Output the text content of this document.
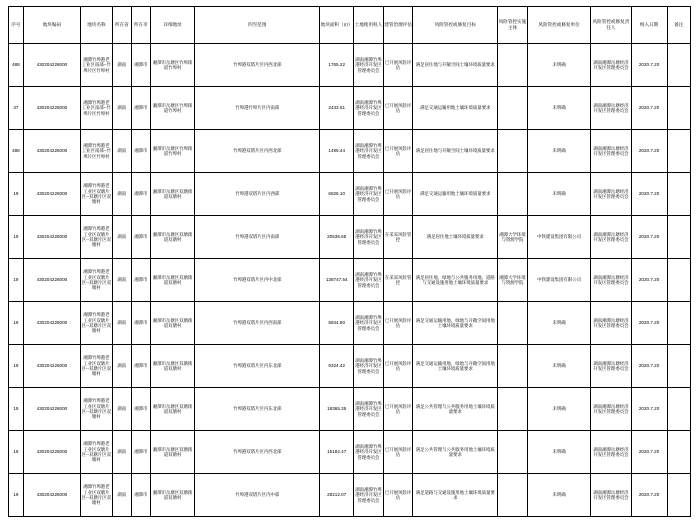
序号	地块编码	地块名称	所在省	所在市	详细地址	四至范围	地块面积（㎡）	土地使用权人	建管治理评估	风险管控或修复目标	风险管控实施主体	风险管控或修复单位	风险管控或修复责任人	纳入日期	备注
488	430204226000	湘潭竹埠港老工业区南部--竹埠片区竹埠村	湖南	湘潭市	湘潭市岳塘区竹埠街道竹埠村	竹埠港双塔片区内西北部	1765.22	湖南湘潭竹埠港经济开发区管理委员会	已开展风险评估	满足居住地与开敞空间土壤环境质量要求		未明确	湖南湘潭岳塘经济开发区管理委员会	2020.7.20	
37	430204226000	湘潭竹埠港老工业区南部--竹埠片区竹埠村	湖南	湘潭市	湘潭市岳塘区竹埠街道竹埠村	竹埠港竹埠片区内南部	2433.61	湖南湘潭竹埠港经济开发区管理委员会	已开展风险评估	满足交通运输用地土壤环境质量要求		未明确	湖南湘潭岳塘经济开发区管理委员会	2020.7.20	
488	430204226000	湘潭竹埠港老工业区南部--竹埠片区竹埠村	湖南	湘潭市	湘潭市岳塘区竹埠街道竹埠村	竹埠港双塔片区内西北部	1499.44	湖南湘潭竹埠港经济开发区管理委员会	已开展风险评估	满足居住地与开敞空间土壤环境质量要求		未明确	湖南湘潭岳塘经济开发区管理委员会	2020.7.20	
19	430204226000	湘潭竹埠港老工业区双塘片区--双塘片区双塘村	湖南	湘潭市	湘潭市岳塘区双塘街道双塘村	竹埠港双塔片区内西部	6826.10	湖南湘潭竹埠港经济开发区管理委员会	已开展风险评估	满足交通运输用地土壤环境质量要求		未明确	湖南湘潭岳塘经济开发区管理委员会	2020.7.20	
19	430204226000	湘潭竹埠港老工业区双塘片区--双塘片区双塘村	湖南	湘潭市	湘潭市岳塘区双塘街道双塘村	竹埠港双塔片区内南部	20535.65	湖南湘潭竹埠港经济开发区管理委员会	在采采风险管控	满足居住地土壤环境质量要求	湘潭大学环境与资源学院	中铁建设集团有限公司	湖南湘潭岳塘经济开发区管理委员会	2020.7.20	
19	430204226000	湘潭竹埠港老工业区双塘片区--双塘片区双塘村	湖南	湘潭市	湘潭市岳塘区双塘街道双塘村	竹埠港双塔片区内中北部	138747.54	湖南湘潭竹埠港经济开发区管理委员会	在采采风险管控	满足居住地、绿地与公共服务用地、道路与交通设施用地土壤环境质量要求	湘潭大学环境与资源学院	中铁建设集团有限公司	湖南湘潭岳塘经济开发区管理委员会	2020.7.20	
19	430204226000	湘潭竹埠港老工业区双塘片区--双塘片区双塘村	湖南	湘潭市	湘潭市岳塘区双塘街道双塘村	竹埠港双塔片区内西南部	5844.80	湖南湘潭竹埠港经济开发区管理委员会	已开展风险评估	满足交通运输用地、绿地与开敞空间用地土壤环境质量要求		未明确	湖南湘潭岳塘经济开发区管理委员会	2020.7.20	
19	430204226000	湘潭竹埠港老工业区双塘片区--双塘片区双塘村	湖南	湘潭市	湘潭市岳塘区双塘街道双塘村	竹埠港双塔片区内东北部	9324.42	湖南湘潭竹埠港经济开发区管理委员会	已开展风险评估	满足交通运输用地、绿地与开敞空间用地土壤环境质量要求		未明确	湖南湘潭岳塘经济开发区管理委员会	2020.7.20	
19	430204226000	湘潭竹埠港老工业区双塘片区--双塘片区双塘村	湖南	湘潭市	湘潭市岳塘区双塘街道双塘村	竹埠港双塔片区内东北部	18365.35	湖南湘潭竹埠港经济开发区管理委员会	已开展风险评估	满足公共管理与公共服务用地土壤环境质量要求		未明确	湖南湘潭岳塘经济开发区管理委员会	2020.7.20	
19	430204226000	湘潭竹埠港老工业区双塘片区--双塘片区双塘村	湖南	湘潭市	湘潭市岳塘区双塘街道双塘村	竹埠港双塔片区内西北部	15182.47	湖南湘潭竹埠港经济开发区管理委员会	已开展风险评估	满足公共管理与公共服务用地土壤环境质量要求		未明确	湖南湘潭岳塘经济开发区管理委员会	2020.7.20	
19	430204226000	湘潭竹埠港老工业区双塘片区--双塘片区双塘村	湖南	湘潭市	湘潭市岳塘区双塘街道双塘村	竹埠港双塔片区内中部	28212.07	湖南湘潭竹埠港经济开发区管理委员会	已开展风险评估	满足道路与交通设施用地土壤环境质量要求		未明确	湖南湘潭岳塘经济开发区管理委员会	2020.7.20	
